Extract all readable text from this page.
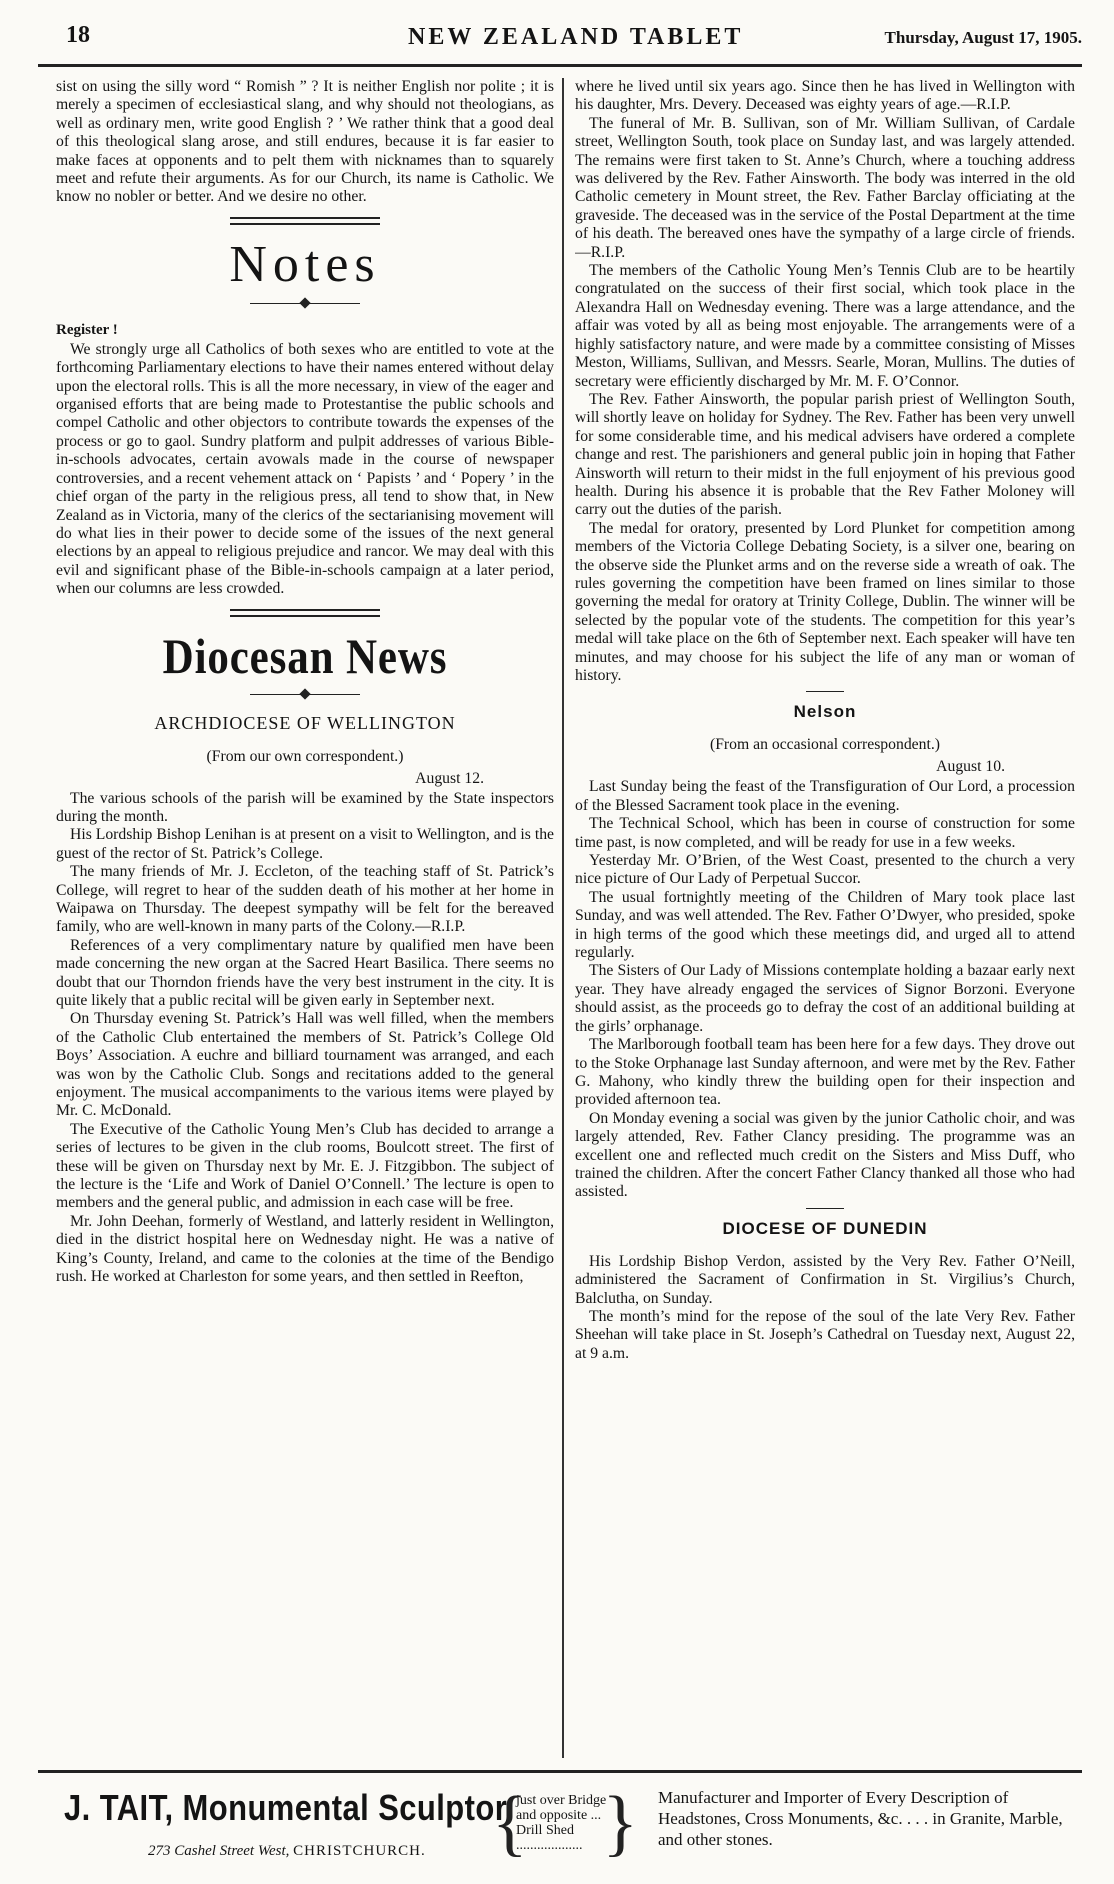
18	NEW ZEALAND TABLET	Thursday, August 17, 1905.

sist on using the silly word “ Romish ” ? It is neither English nor polite ; it is merely a specimen of ecclesiastical slang, and why should not theologians, as well as ordinary men, write good English ? ’ We rather think that a good deal of this theological slang arose, and still endures, because it is far easier to make faces at opponents and to pelt them with nicknames than to squarely meet and refute their arguments. As for our Church, its name is Catholic. We know no nobler or better. And we desire no other.

Notes
Register !

We strongly urge all Catholics of both sexes who are entitled to vote at the forthcoming Parliamentary elections to have their names entered without delay upon the electoral rolls. This is all the more necessary, in view of the eager and organised efforts that are being made to Protestantise the public schools and compel Catholic and other objectors to contribute towards the expenses of the process or go to gaol. Sundry platform and pulpit addresses of various Bible-in-schools advocates, certain avowals made in the course of newspaper controversies, and a recent vehement attack on ‘ Papists ’ and ‘ Popery ’ in the chief organ of the party in the religious press, all tend to show that, in New Zealand as in Victoria, many of the clerics of the sectarianising movement will do what lies in their power to decide some of the issues of the next general elections by an appeal to religious prejudice and rancor. We may deal with this evil and significant phase of the Bible-in-schools campaign at a later period, when our columns are less crowded.

Diocesan News
ARCHDIOCESE OF WELLINGTON
(From our own correspondent.)
August 12.

The various schools of the parish will be examined by the State inspectors during the month.

His Lordship Bishop Lenihan is at present on a visit to Wellington, and is the guest of the rector of St. Patrick’s College.

The many friends of Mr. J. Eccleton, of the teaching staff of St. Patrick’s College, will regret to hear of the sudden death of his mother at her home in Waipawa on Thursday. The deepest sympathy will be felt for the bereaved family, who are well-known in many parts of the Colony.—R.I.P.

References of a very complimentary nature by qualified men have been made concerning the new organ at the Sacred Heart Basilica. There seems no doubt that our Thorndon friends have the very best instrument in the city. It is quite likely that a public recital will be given early in September next.

On Thursday evening St. Patrick’s Hall was well filled, when the members of the Catholic Club entertained the members of St. Patrick’s College Old Boys’ Association. A euchre and billiard tournament was arranged, and each was won by the Catholic Club. Songs and recitations added to the general enjoyment. The musical accompaniments to the various items were played by Mr. C. McDonald.

The Executive of the Catholic Young Men’s Club has decided to arrange a series of lectures to be given in the club rooms, Boulcott street. The first of these will be given on Thursday next by Mr. E. J. Fitzgibbon. The subject of the lecture is the ‘Life and Work of Daniel O’Connell.’ The lecture is open to members and the general public, and admission in each case will be free.

Mr. John Deehan, formerly of Westland, and latterly resident in Wellington, died in the district hospital here on Wednesday night. He was a native of King’s County, Ireland, and came to the colonies at the time of the Bendigo rush. He worked at Charleston for some years, and then settled in Reefton,

where he lived until six years ago. Since then he has lived in Wellington with his daughter, Mrs. Devery. Deceased was eighty years of age.—R.I.P.

The funeral of Mr. B. Sullivan, son of Mr. William Sullivan, of Cardale street, Wellington South, took place on Sunday last, and was largely attended. The remains were first taken to St. Anne’s Church, where a touching address was delivered by the Rev. Father Ainsworth. The body was interred in the old Catholic cemetery in Mount street, the Rev. Father Barclay officiating at the graveside. The deceased was in the service of the Postal Department at the time of his death. The bereaved ones have the sympathy of a large circle of friends.—R.I.P.

The members of the Catholic Young Men’s Tennis Club are to be heartily congratulated on the success of their first social, which took place in the Alexandra Hall on Wednesday evening. There was a large attendance, and the affair was voted by all as being most enjoyable. The arrangements were of a highly satisfactory nature, and were made by a committee consisting of Misses Meston, Williams, Sullivan, and Messrs. Searle, Moran, Mullins. The duties of secretary were efficiently discharged by Mr. M. F. O’Connor.

The Rev. Father Ainsworth, the popular parish priest of Wellington South, will shortly leave on holiday for Sydney. The Rev. Father has been very unwell for some considerable time, and his medical advisers have ordered a complete change and rest. The parishioners and general public join in hoping that Father Ainsworth will return to their midst in the full enjoyment of his previous good health. During his absence it is probable that the Rev Father Moloney will carry out the duties of the parish.

The medal for oratory, presented by Lord Plunket for competition among members of the Victoria College Debating Society, is a silver one, bearing on the observe side the Plunket arms and on the reverse side a wreath of oak. The rules governing the competition have been framed on lines similar to those governing the medal for oratory at Trinity College, Dublin. The winner will be selected by the popular vote of the students. The competition for this year’s medal will take place on the 6th of September next. Each speaker will have ten minutes, and may choose for his subject the life of any man or woman of history.

Nelson
(From an occasional correspondent.)
August 10.

Last Sunday being the feast of the Transfiguration of Our Lord, a procession of the Blessed Sacrament took place in the evening.

The Technical School, which has been in course of construction for some time past, is now completed, and will be ready for use in a few weeks.

Yesterday Mr. O’Brien, of the West Coast, presented to the church a very nice picture of Our Lady of Perpetual Succor.

The usual fortnightly meeting of the Children of Mary took place last Sunday, and was well attended. The Rev. Father O’Dwyer, who presided, spoke in high terms of the good which these meetings did, and urged all to attend regularly.

The Sisters of Our Lady of Missions contemplate holding a bazaar early next year. They have already engaged the services of Signor Borzoni. Everyone should assist, as the proceeds go to defray the cost of an additional building at the girls’ orphanage.

The Marlborough football team has been here for a few days. They drove out to the Stoke Orphanage last Sunday afternoon, and were met by the Rev. Father G. Mahony, who kindly threw the building open for their inspection and provided afternoon tea.

On Monday evening a social was given by the junior Catholic choir, and was largely attended, Rev. Father Clancy presiding. The programme was an excellent one and reflected much credit on the Sisters and Miss Duff, who trained the children. After the concert Father Clancy thanked all those who had assisted.

DIOCESE OF DUNEDIN

His Lordship Bishop Verdon, assisted by the Very Rev. Father O’Neill, administered the Sacrament of Confirmation in St. Virgilius’s Church, Balclutha, on Sunday.

The month’s mind for the repose of the soul of the late Very Rev. Father Sheehan will take place in St. Joseph’s Cathedral on Tuesday next, August 22, at 9 a.m.

J. TAIT, Monumental Sculptor
273 Cashel Street West, CHRISTCHURCH. {
just over Bridge
and opposite ...
Drill Shed
................... } Manufacturer and Importer of Every Description of Headstones, Cross Monuments, &c. . . . in Granite, Marble, and other stones.
